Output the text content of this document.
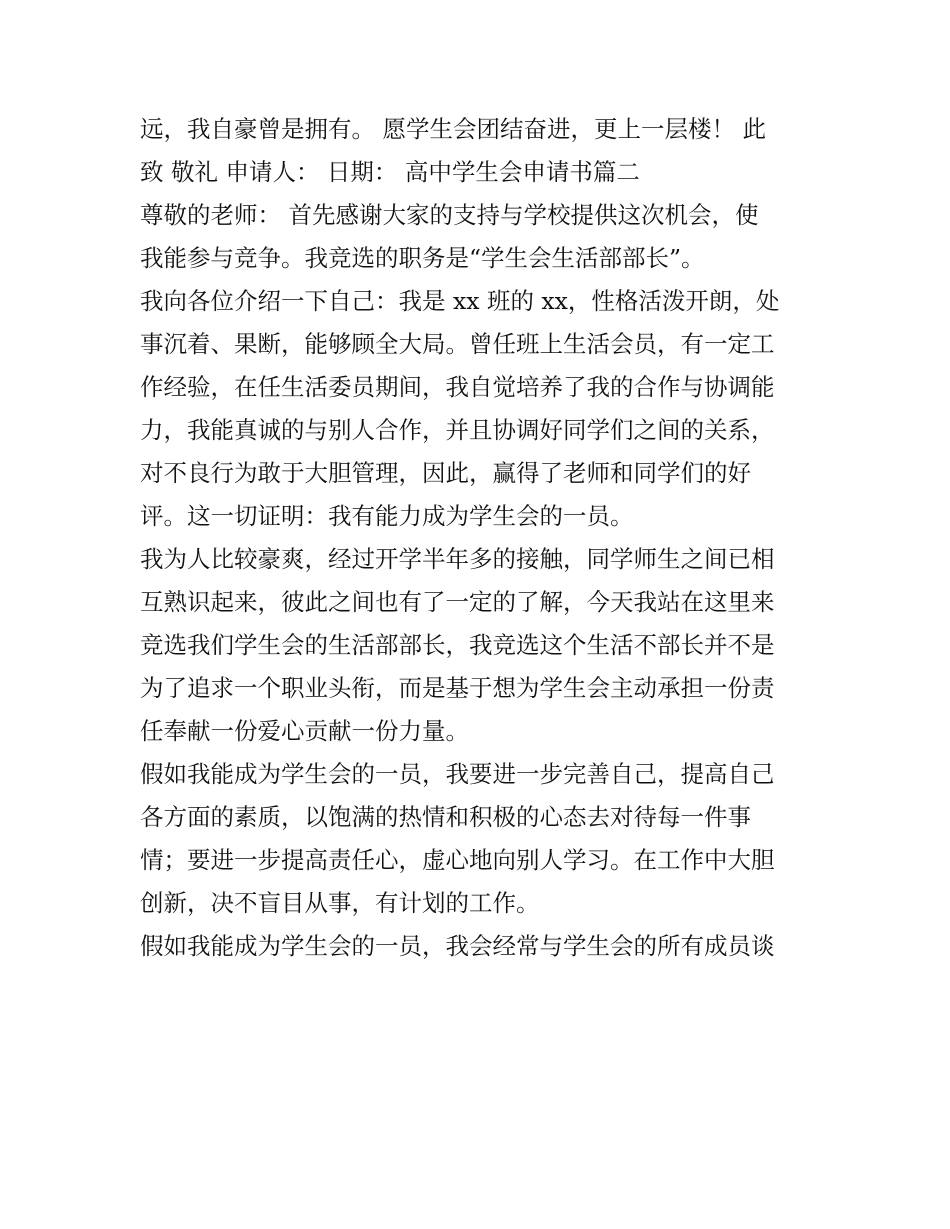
远，我自豪曾是拥有。 愿学生会团结奋进，更上一层楼！ 此
致 敬礼 申请人： 日期： 高中学生会申请书篇二
尊敬的老师： 首先感谢大家的支持与学校提供这次机会，使
我能参与竞争。我竞选的职务是“学生会生活部部长”。
我向各位介绍一下自己：我是 xx 班的 xx，性格活泼开朗，处
事沉着、果断，能够顾全大局。曾任班上生活会员，有一定工
作经验，在任生活委员期间，我自觉培养了我的合作与协调能
力，我能真诚的与别人合作，并且协调好同学们之间的关系，
对不良行为敢于大胆管理，因此，赢得了老师和同学们的好
评。这一切证明：我有能力成为学生会的一员。
我为人比较豪爽，经过开学半年多的接触，同学师生之间已相
互熟识起来，彼此之间也有了一定的了解，今天我站在这里来
竞选我们学生会的生活部部长，我竞选这个生活不部长并不是
为了追求一个职业头衔，而是基于想为学生会主动承担一份责
任奉献一份爱心贡献一份力量。
假如我能成为学生会的一员，我要进一步完善自己，提高自己
各方面的素质，以饱满的热情和积极的心态去对待每一件事
情；要进一步提高责任心，虚心地向别人学习。在工作中大胆
创新，决不盲目从事，有计划的工作。
假如我能成为学生会的一员，我会经常与学生会的所有成员谈
